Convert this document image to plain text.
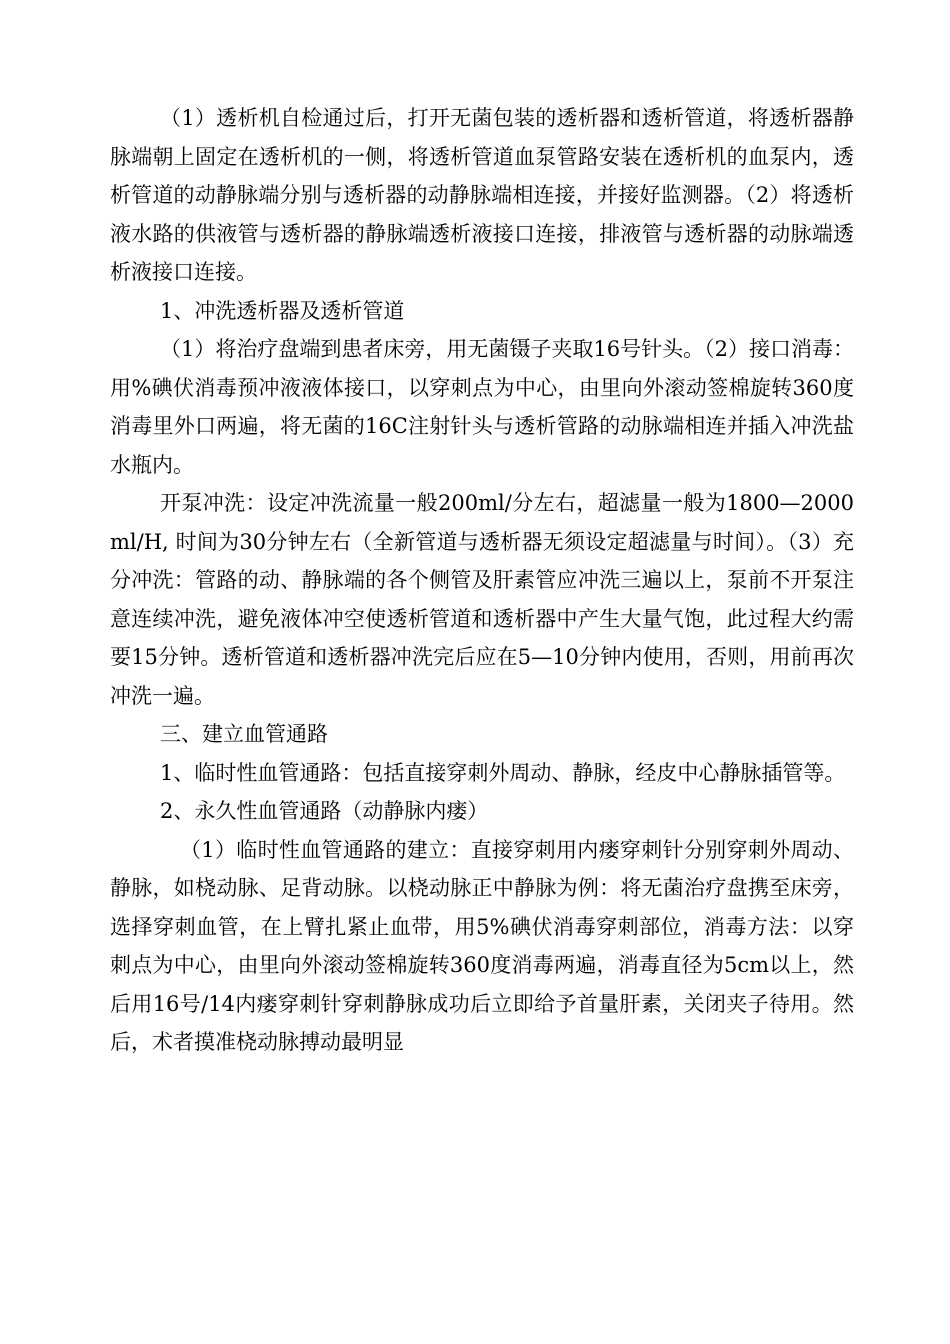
（1）透析机自检通过后，打开无菌包装的透析器和透析管道，将透析器静脉端朝上固定在透析机的一侧，将透析管道血泵管路安装在透析机的血泵内，透析管道的动静脉端分别与透析器的动静脉端相连接，并接好监测器。（2）将透析液水路的供液管与透析器的静脉端透析液接口连接，排液管与透析器的动脉端透析液接口连接。

1、冲洗透析器及透析管道

（1）将治疗盘端到患者床旁，用无菌镊子夹取16号针头。（2）接口消毒：用%碘伏消毒预冲液液体接口，以穿刺点为中心，由里向外滚动签棉旋转360度消毒里外口两遍，将无菌的16C注射针头与透析管路的动脉端相连并插入冲洗盐水瓶内。

开泵冲洗：设定冲洗流量一般200ml/分左右，超滤量一般为1800—2000ml/H, 时间为30分钟左右（全新管道与透析器无须设定超滤量与时间）。（3）充分冲洗：管路的动、静脉端的各个侧管及肝素管应冲洗三遍以上，泵前不开泵注意连续冲洗，避免液体冲空使透析管道和透析器中产生大量气饱，此过程大约需要15分钟。透析管道和透析器冲洗完后应在5—10分钟内使用，否则，用前再次冲洗一遍。

三、建立血管通路

1、临时性血管通路：包括直接穿刺外周动、静脉，经皮中心静脉插管等。

2、永久性血管通路（动静脉内瘘）

（1）临时性血管通路的建立：直接穿刺用内瘘穿刺针分别穿刺外周动、静脉，如桡动脉、足背动脉。以桡动脉正中静脉为例：将无菌治疗盘携至床旁，选择穿刺血管，在上臂扎紧止血带，用5%碘伏消毒穿刺部位，消毒方法：以穿刺点为中心，由里向外滚动签棉旋转360度消毒两遍，消毒直径为5cm以上，然后用16号/14内瘘穿刺针穿刺静脉成功后立即给予首量肝素，关闭夹子待用。然后，术者摸准桡动脉搏动最明显
